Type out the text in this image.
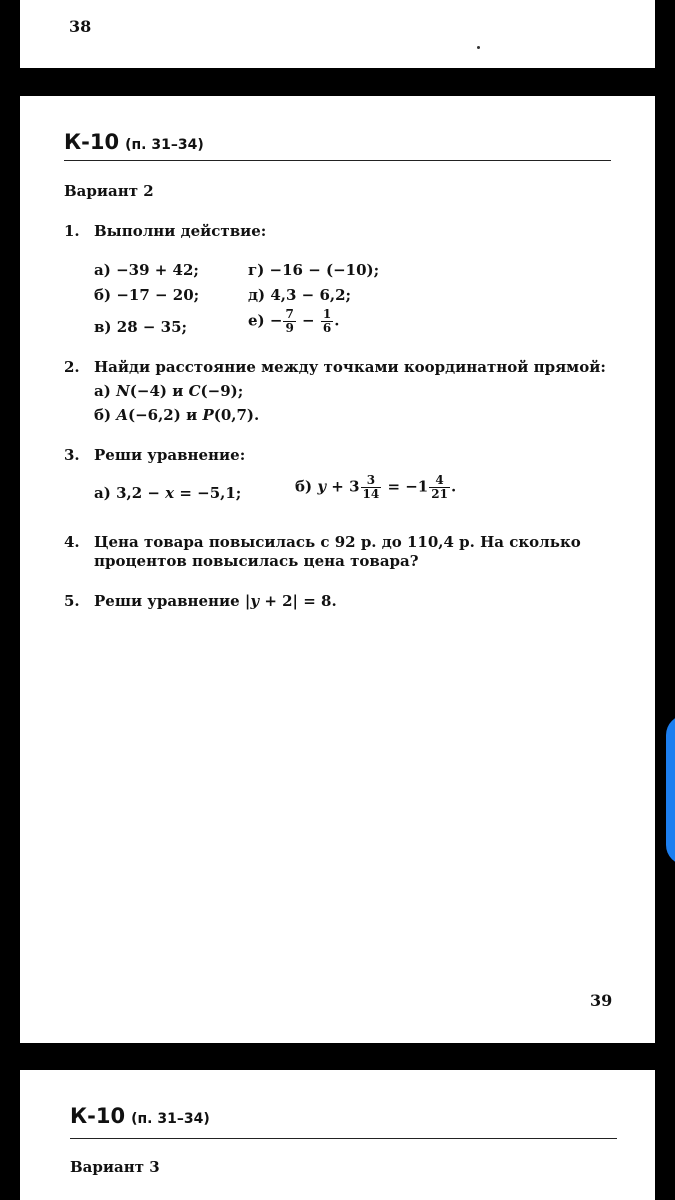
38
К-10 (п. 31–34)
Вариант 2
1. Выполни действие:
а) −39 + 42;
б) −17 − 20;
в) 28 − 35;
г) −16 − (−10);
д) 4,3 − 6,2;
$е) - \frac{7}{9} - \frac{1}{6}$ .
2. Найди расстояние между точками координатной прямой:
а) N(−4) и C(−9);
б) A(−6,2) и P(0,7).
3. Реши уравнение:
а) 3,2 − x = −5,1;	б) $y + 3 \frac{3}{14} = -1 \frac{4}{21}$ .
4. Цена товара повысилась с 92 р. до 110,4 р. На сколько
процентов повысилась цена товара?
5. Реши уравнение |y + 2| = 8.
39
К-10 (п. 31–34)
Вариант 3
